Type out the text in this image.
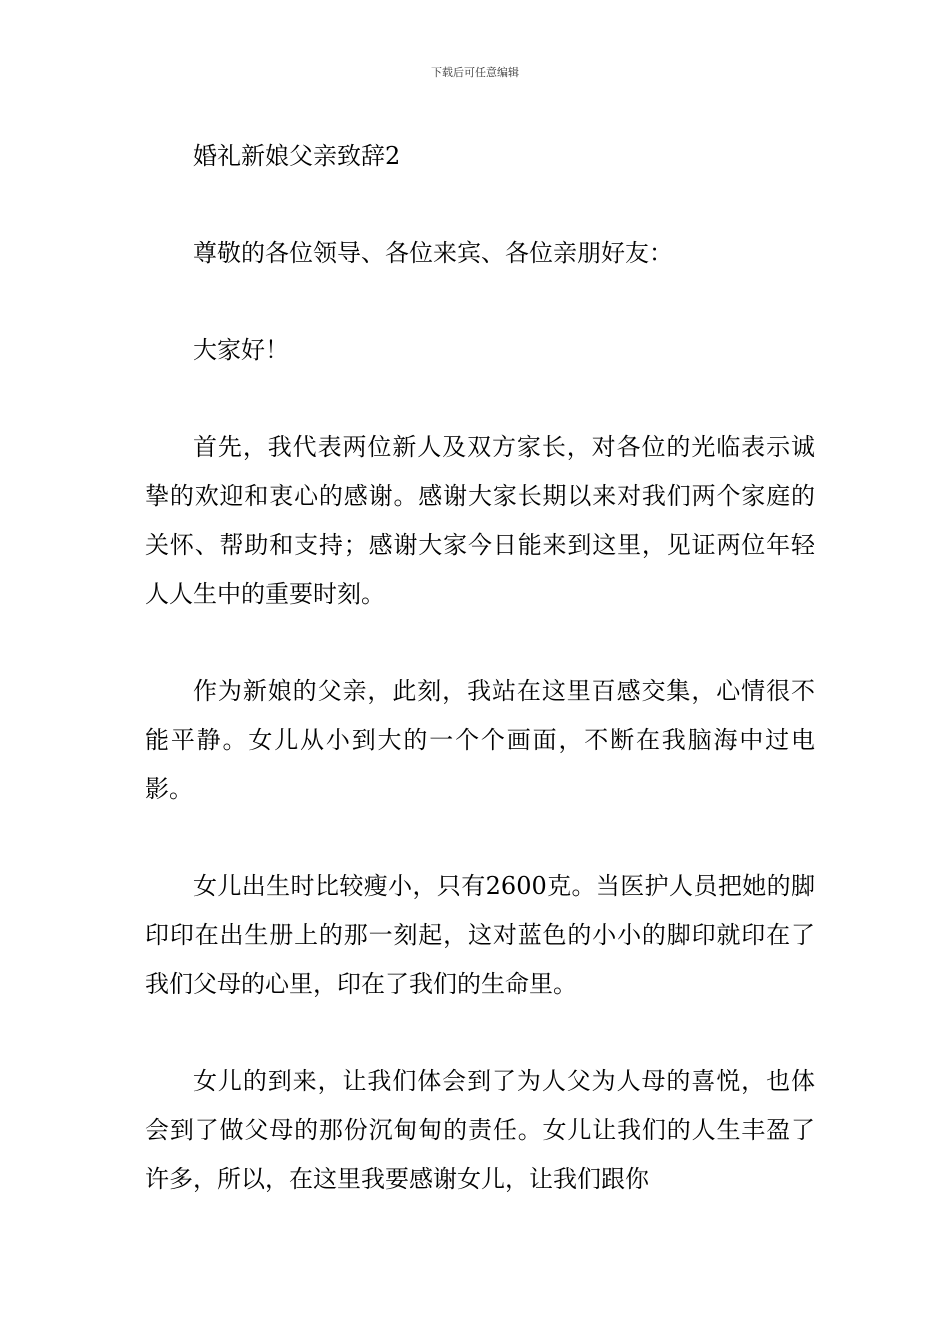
下载后可任意编辑

婚礼新娘父亲致辞2

尊敬的各位领导、各位来宾、各位亲朋好友：

大家好！

首先，我代表两位新人及双方家长，对各位的光临表示诚挚的欢迎和衷心的感谢。感谢大家长期以来对我们两个家庭的关怀、帮助和支持；感谢大家今日能来到这里，见证两位年轻人人生中的重要时刻。

作为新娘的父亲，此刻，我站在这里百感交集，心情很不能平静。女儿从小到大的一个个画面，不断在我脑海中过电影。

女儿出生时比较瘦小，只有2600克。当医护人员把她的脚印印在出生册上的那一刻起，这对蓝色的小小的脚印就印在了我们父母的心里，印在了我们的生命里。

女儿的到来，让我们体会到了为人父为人母的喜悦，也体会到了做父母的那份沉甸甸的责任。女儿让我们的人生丰盈了许多，所以，在这里我要感谢女儿，让我们跟你
